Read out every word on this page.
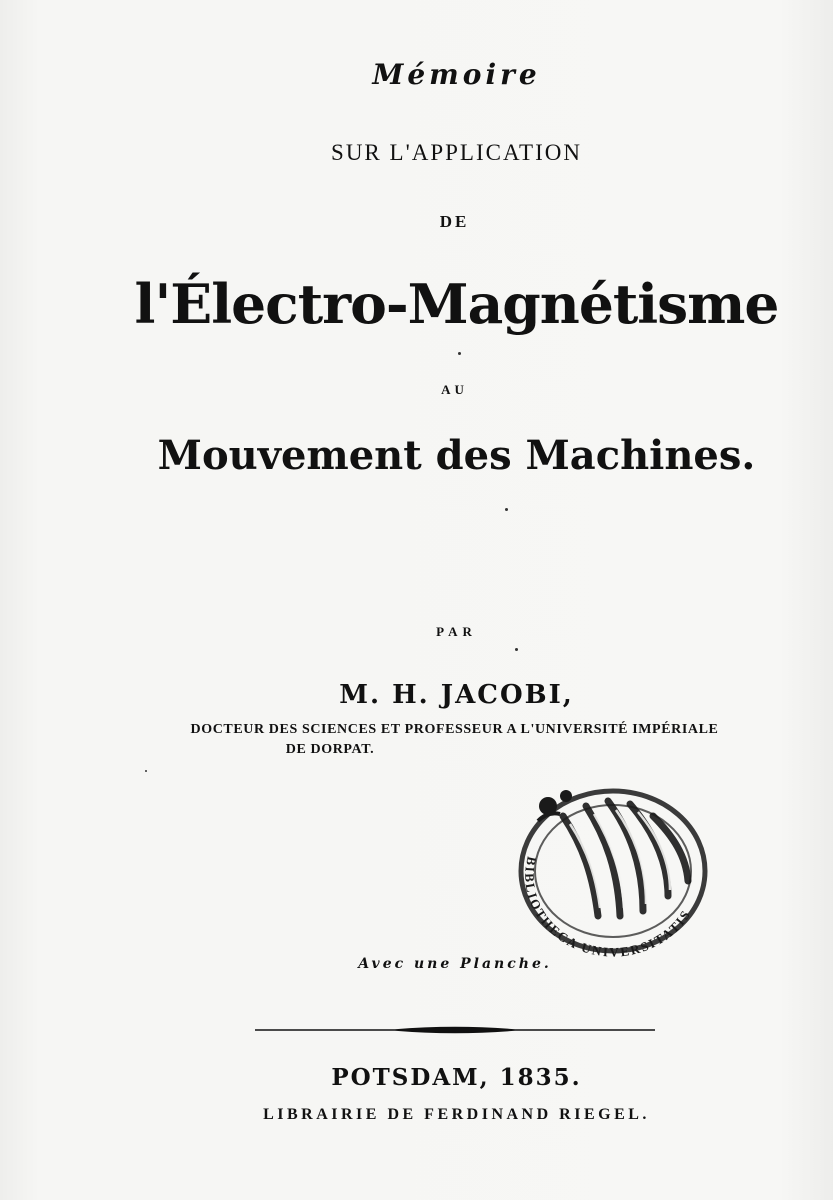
Mémoire
SUR L'APPLICATION
DE
l'Électro-Magnétisme
AU
Mouvement des Machines.
PAR
M. H. JACOBI,
DOCTEUR DES SCIENCES ET PROFESSEUR A L'UNIVERSITÉ IMPÉRIALE
DE DORPAT.
BIBLIOTHECA UNIVERSITATIS
Avec une Planche.
POTSDAM, 1835.
LIBRAIRIE DE FERDINAND RIEGEL.
